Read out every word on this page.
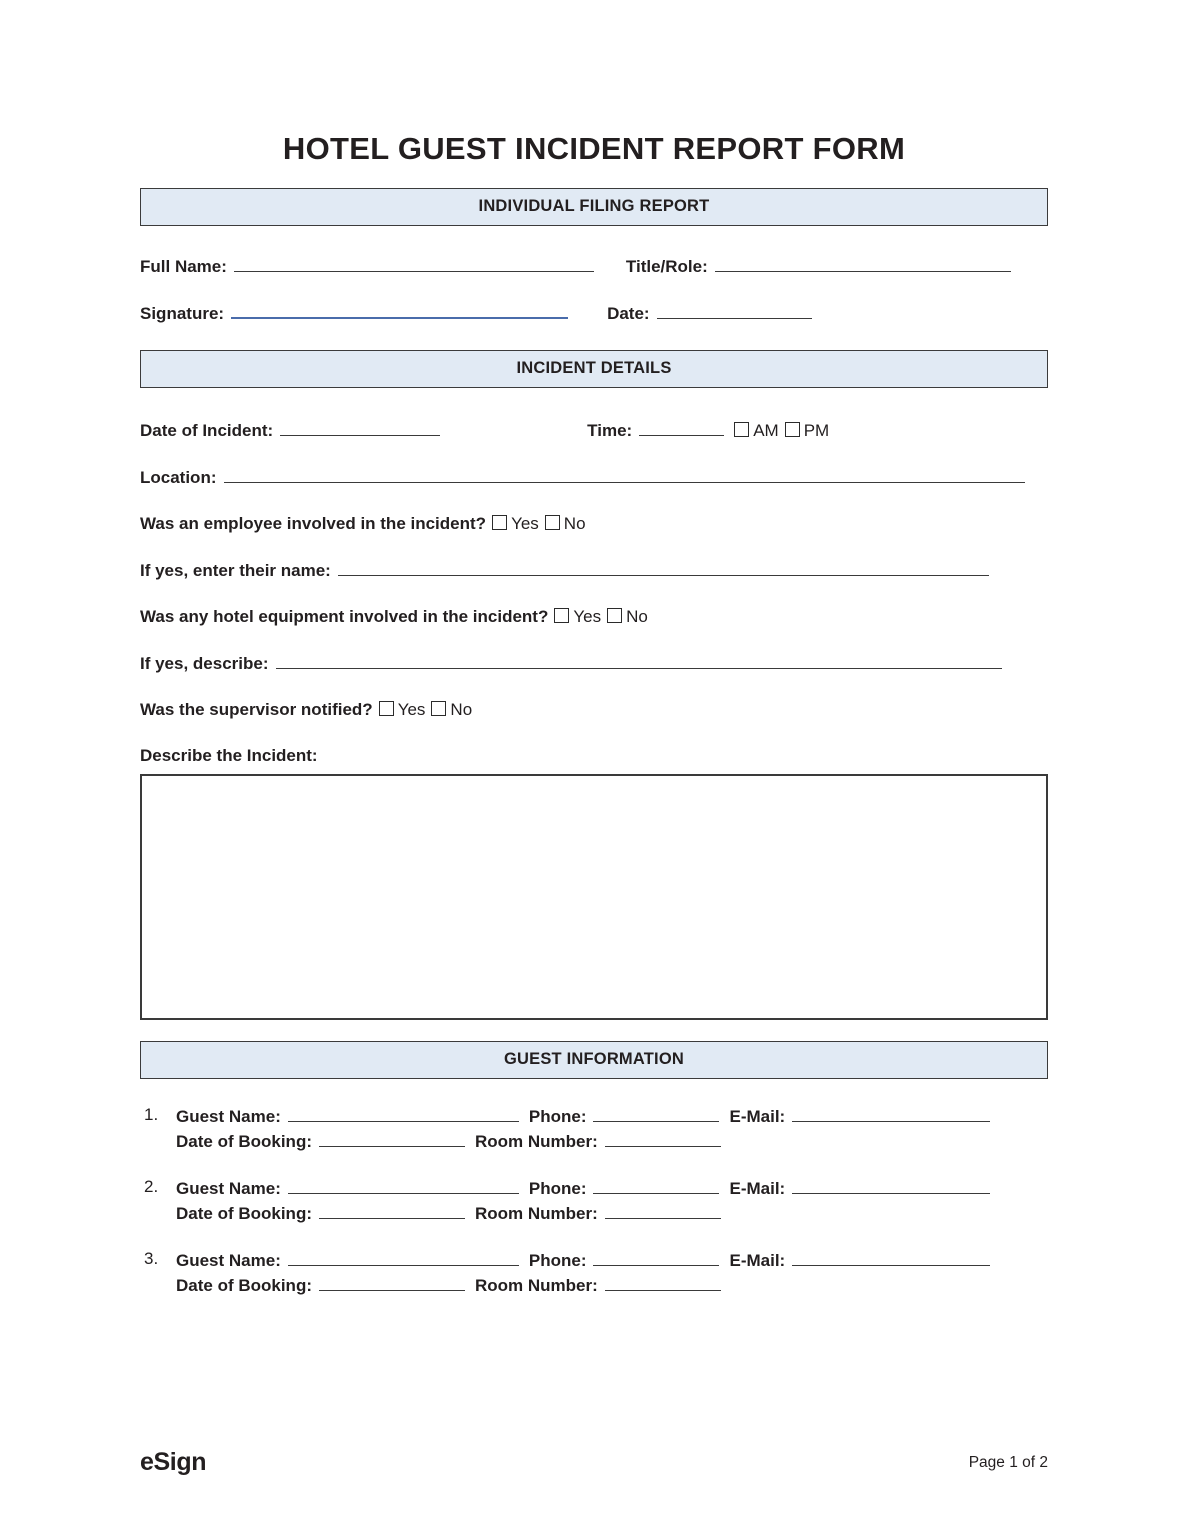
HOTEL GUEST INCIDENT REPORT FORM
INDIVIDUAL FILING REPORT
Full Name:	Title/Role:
Signature:	Date:
INCIDENT DETAILS
Date of Incident:	Time:	AM PM
Location:
Was an employee involved in the incident? Yes No
If yes, enter their name:
Was any hotel equipment involved in the incident? Yes No
If yes, describe:
Was the supervisor notified? Yes No
Describe the Incident:
GUEST INFORMATION
1.	Guest Name:	Phone:	E-Mail:
Date of Booking:	Room Number:
2.	Guest Name:	Phone:	E-Mail:
Date of Booking:	Room Number:
3.	Guest Name:	Phone:	E-Mail:
Date of Booking:	Room Number:
eSign	Page 1 of 2
